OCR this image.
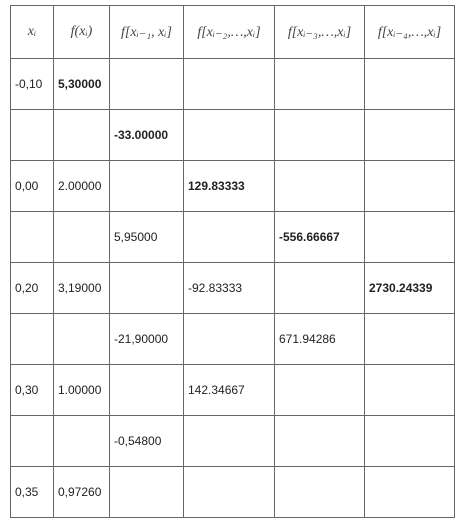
xᵢ	f(xᵢ)	f[xᵢ₋₁, xᵢ]	f[xᵢ₋₂,…,xᵢ]	f[xᵢ₋₃,…,xᵢ]	f[xᵢ₋₄,…,xᵢ]
-0,10	5,30000				
		-33.00000			
0,00	2.00000		129.83333		
		5,95000		-556.66667	
0,20	3,19000		-92.83333		2730.24339
		-21,90000		671.94286	
0,30	1.00000		142.34667		
		-0,54800			
0,35	0,97260				
